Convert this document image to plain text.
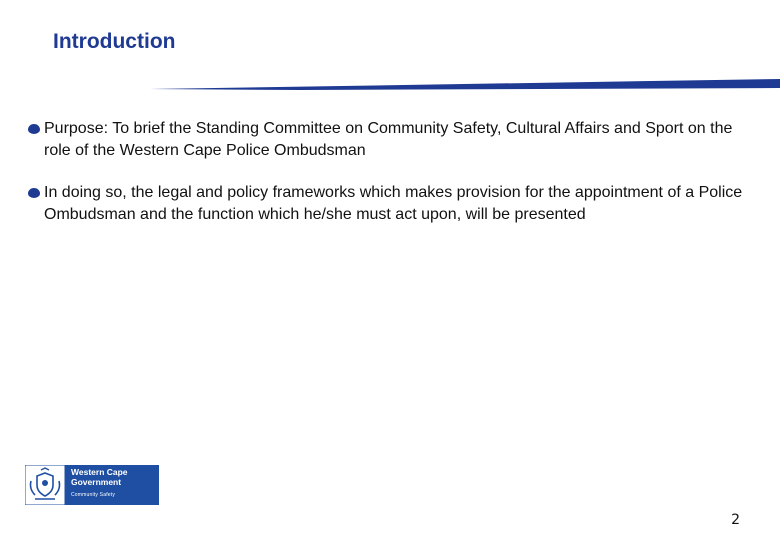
Introduction
Purpose: To brief the Standing Committee on Community Safety, Cultural Affairs and Sport on the role of the Western Cape Police Ombudsman
In doing so, the legal and policy frameworks which makes provision for the appointment of a Police Ombudsman and the function which he/she must act upon, will be presented
Western Cape
Government
Community Safety
2
